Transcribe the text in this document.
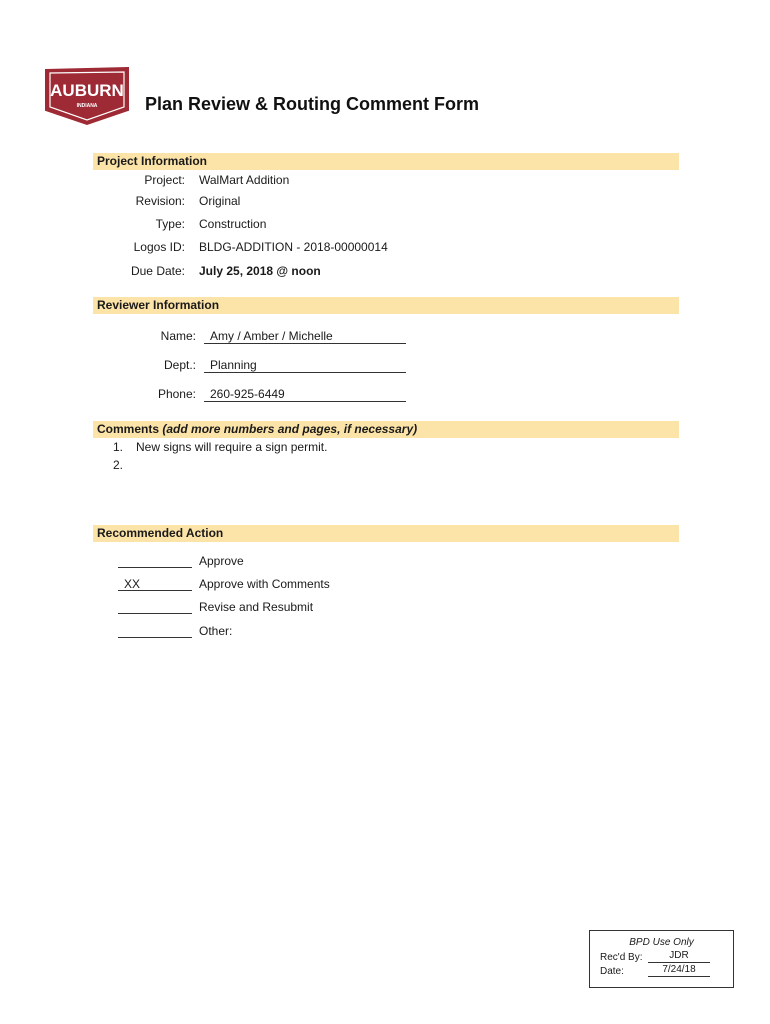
AUBURN
INDIANA	Plan Review & Routing Comment Form
Project Information
Project: WalMart Addition
Revision: Original
Type: Construction
Logos ID: BLDG-ADDITION - 2018-00000014
Due Date: July 25, 2018 @ noon
Reviewer Information
Name:	Amy / Amber / Michelle
Dept.:	Planning
Phone:	260-925-6449
Comments (add more numbers and pages, if necessary)
1. New signs will require a sign permit.
2.
Recommended Action
Approve
XX	Approve with Comments
Revise and Resubmit
Other:
BPD Use Only
Rec'd By:	JDR
Date:	7/24/18
